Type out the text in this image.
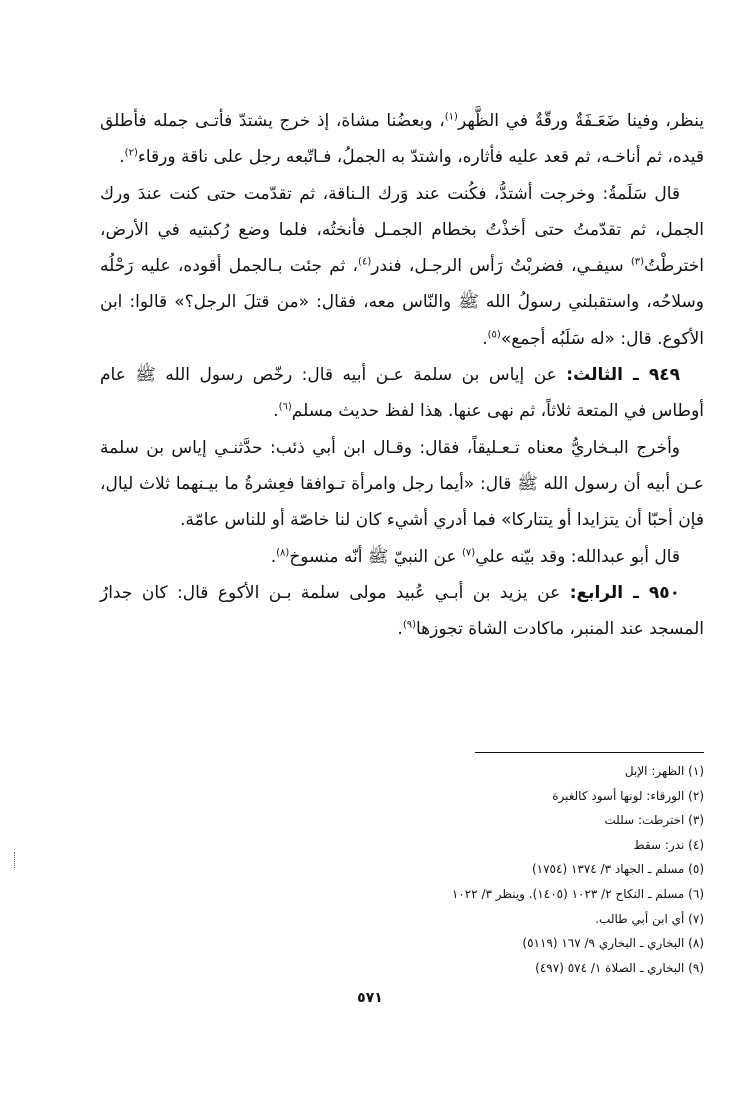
ينظر، وفينا ضَعَـفَةٌ ورقّةٌ في الظَّهر$^{(١)}$، وبعضُنا مشاة، إذ خرج يشتدّ فأتـى جمله فأطلق قيده، ثم أناخـه، ثم قعد عليه فأثاره، واشتدّ به الجملُ، فـاتّبعه رجل على ناقة ورقاء$^{(٢)}$.

قال سَلَمةُ: وخرجت أشتدُّ، فكُنت عند وَرك الـناقة، ثم تقدّمت حتى كنت عندَ ورك الجمل، ثم تقدّمتُ حتى أخذْتُ بخطام الجمـل فأنختُه، فلما وضع رُكبتيه في الأرض، اخترطْتُ$^{(٣)}$ سيفـي، فضربْتُ رَأس الرجـل، فندر$^{(٤)}$، ثم جئت بـالجمل أقوده، عليه رَحْلُه وسلاحُه، واستقبلني رسولُ الله ﷺ والنّاس معه، فقال: «من قتلَ الرجل؟» قالوا: ابن الأكوع. قال: «له سَلَبُه أجمع»$^{(٥)}$.

٩٤٩ ـ الثالث: عن إياس بن سلمة عـن أبيه قال: رخّص رسول الله ﷺ عام أوطاس في المتعة ثلاثاً، ثم نهى عنها. هذا لفظ حديث مسلم$^{(٦)}$.

وأخرج البـخاريُّ معناه تـعـليقاً، فقال: وقـال ابن أبي ذئب: حدَّثنـي إياس بن سلمة عـن أبيه أن رسول الله ﷺ قال: «أيما رجل وامرأة تـوافقا فعِشرةُ ما بيـنهما ثلاث ليال، فإن أحبّا أن يتزايدا أو يتتاركا» فما أدري أشيء كان لنا خاصّة أو للناس عامّة.

قال أبو عبدالله: وقد بيّنه علي$^{(٧)}$ عن النبيّ ﷺ أنّه منسوخ$^{(٨)}$.

٩٥٠ ـ الرابع: عن يزيد بن أبـي عُبيد مولى سلمة بـن الأكوع قال: كان جدارُ المسجد عند المنبر، ماكادت الشاة تجوزها$^{(٩)}$.

(١) الظهر: الإبل
(٢) الورقاء: لونها أسود كالغبرة
(٣) اخترطت: سللت
(٤) ندر: سقط
(٥) مسلم ـ الجهاد ٣/ ١٣٧٤ (١٧٥٤)
(٦) مسلم ـ النكاح ٢/ ١٠٢٣ (١٤٠٥). وينظر ٣/ ١٠٢٢
(٧) أي ابن أبي طالب.
(٨) البخاري ـ البخاري ٩/ ١٦٧ (٥١١٩)
(٩) البخاري ـ الصلاة ١/ ٥٧٤ (٤٩٧)
٥٧١
